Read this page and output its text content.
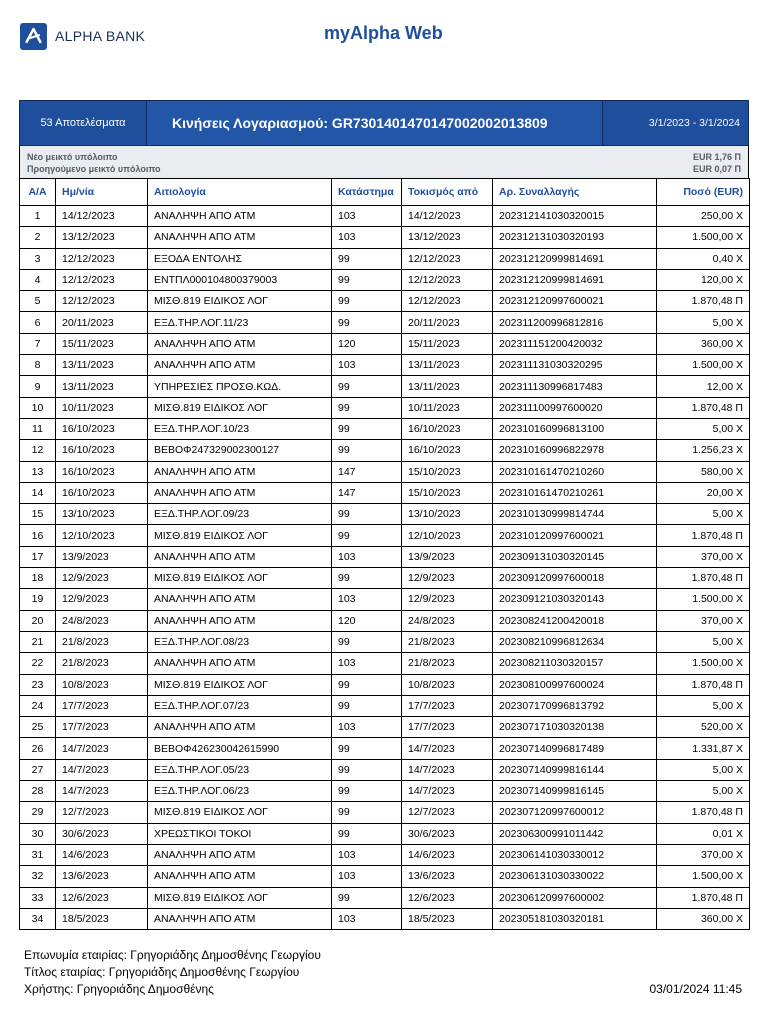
ALPHA BANK	myAlpha Web
53 Αποτελέσματα	Κινήσεις Λογαριασμού: GR7301401470147002002013809	3/1/2023 - 3/1/2024
Νέο μεικτό υπόλοιπο	EUR 1,76 Π
Προηγούμενο μεικτό υπόλοιπο	EUR 0,07 Π
Α/Α	Ημ/νία	Αιτιολογία	Κατάστημα	Τοκισμός από	Αρ. Συναλλαγής	Ποσό (EUR)
1	14/12/2023	ΑΝΑΛΗΨΗ ΑΠΟ ΑΤΜ	103	14/12/2023	202312141030320015	250,00 Χ
2	13/12/2023	ΑΝΑΛΗΨΗ ΑΠΟ ΑΤΜ	103	13/12/2023	202312131030320193	1.500,00 Χ
3	12/12/2023	ΕΞΟΔΑ ΕΝΤΟΛΗΣ	99	12/12/2023	202312120999814691	0,40 Χ
4	12/12/2023	ΕΝΤΠΛ000104800379003	99	12/12/2023	202312120999814691	120,00 Χ
5	12/12/2023	ΜΙΣΘ.819 ΕΙΔΙΚΟΣ ΛΟΓ	99	12/12/2023	202312120997600021	1.870,48 Π
6	20/11/2023	ΕΞΔ.ΤΗΡ.ΛΟΓ.11/23	99	20/11/2023	202311200996812816	5,00 Χ
7	15/11/2023	ΑΝΑΛΗΨΗ ΑΠΟ ΑΤΜ	120	15/11/2023	202311151200420032	360,00 Χ
8	13/11/2023	ΑΝΑΛΗΨΗ ΑΠΟ ΑΤΜ	103	13/11/2023	202311131030320295	1.500,00 Χ
9	13/11/2023	ΥΠΗΡΕΣΙΕΣ ΠΡΟΣΘ.ΚΩΔ.	99	13/11/2023	202311130996817483	12,00 Χ
10	10/11/2023	ΜΙΣΘ.819 ΕΙΔΙΚΟΣ ΛΟΓ	99	10/11/2023	202311100997600020	1.870,48 Π
11	16/10/2023	ΕΞΔ.ΤΗΡ.ΛΟΓ.10/23	99	16/10/2023	202310160996813100	5,00 Χ
12	16/10/2023	ΒΕΒΟΦ247329002300127	99	16/10/2023	202310160996822978	1.256,23 Χ
13	16/10/2023	ΑΝΑΛΗΨΗ ΑΠΟ ΑΤΜ	147	15/10/2023	202310161470210260	580,00 Χ
14	16/10/2023	ΑΝΑΛΗΨΗ ΑΠΟ ΑΤΜ	147	15/10/2023	202310161470210261	20,00 Χ
15	13/10/2023	ΕΞΔ.ΤΗΡ.ΛΟΓ.09/23	99	13/10/2023	202310130999814744	5,00 Χ
16	12/10/2023	ΜΙΣΘ.819 ΕΙΔΙΚΟΣ ΛΟΓ	99	12/10/2023	202310120997600021	1.870,48 Π
17	13/9/2023	ΑΝΑΛΗΨΗ ΑΠΟ ΑΤΜ	103	13/9/2023	202309131030320145	370,00 Χ
18	12/9/2023	ΜΙΣΘ.819 ΕΙΔΙΚΟΣ ΛΟΓ	99	12/9/2023	202309120997600018	1.870,48 Π
19	12/9/2023	ΑΝΑΛΗΨΗ ΑΠΟ ΑΤΜ	103	12/9/2023	202309121030320143	1.500,00 Χ
20	24/8/2023	ΑΝΑΛΗΨΗ ΑΠΟ ΑΤΜ	120	24/8/2023	202308241200420018	370,00 Χ
21	21/8/2023	ΕΞΔ.ΤΗΡ.ΛΟΓ.08/23	99	21/8/2023	202308210996812634	5,00 Χ
22	21/8/2023	ΑΝΑΛΗΨΗ ΑΠΟ ΑΤΜ	103	21/8/2023	202308211030320157	1.500,00 Χ
23	10/8/2023	ΜΙΣΘ.819 ΕΙΔΙΚΟΣ ΛΟΓ	99	10/8/2023	202308100997600024	1.870,48 Π
24	17/7/2023	ΕΞΔ.ΤΗΡ.ΛΟΓ.07/23	99	17/7/2023	202307170996813792	5,00 Χ
25	17/7/2023	ΑΝΑΛΗΨΗ ΑΠΟ ΑΤΜ	103	17/7/2023	202307171030320138	520,00 Χ
26	14/7/2023	ΒΕΒΟΦ426230042615990	99	14/7/2023	202307140996817489	1.331,87 Χ
27	14/7/2023	ΕΞΔ.ΤΗΡ.ΛΟΓ.05/23	99	14/7/2023	202307140999816144	5,00 Χ
28	14/7/2023	ΕΞΔ.ΤΗΡ.ΛΟΓ.06/23	99	14/7/2023	202307140999816145	5,00 Χ
29	12/7/2023	ΜΙΣΘ.819 ΕΙΔΙΚΟΣ ΛΟΓ	99	12/7/2023	202307120997600012	1.870,48 Π
30	30/6/2023	ΧΡΕΩΣΤΙΚΟΙ ΤΟΚΟΙ	99	30/6/2023	202306300991011442	0,01 Χ
31	14/6/2023	ΑΝΑΛΗΨΗ ΑΠΟ ΑΤΜ	103	14/6/2023	202306141030330012	370,00 Χ
32	13/6/2023	ΑΝΑΛΗΨΗ ΑΠΟ ΑΤΜ	103	13/6/2023	202306131030330022	1.500,00 Χ
33	12/6/2023	ΜΙΣΘ.819 ΕΙΔΙΚΟΣ ΛΟΓ	99	12/6/2023	202306120997600002	1.870,48 Π
34	18/5/2023	ΑΝΑΛΗΨΗ ΑΠΟ ΑΤΜ	103	18/5/2023	202305181030320181	360,00 Χ
Επωνυμία εταιρίας: Γρηγοριάδης Δημοσθένης Γεωργίου
Τίτλος εταιρίας: Γρηγοριάδης Δημοσθένης Γεωργίου
Χρήστης: Γρηγοριάδης Δημοσθένης	03/01/2024 11:45
